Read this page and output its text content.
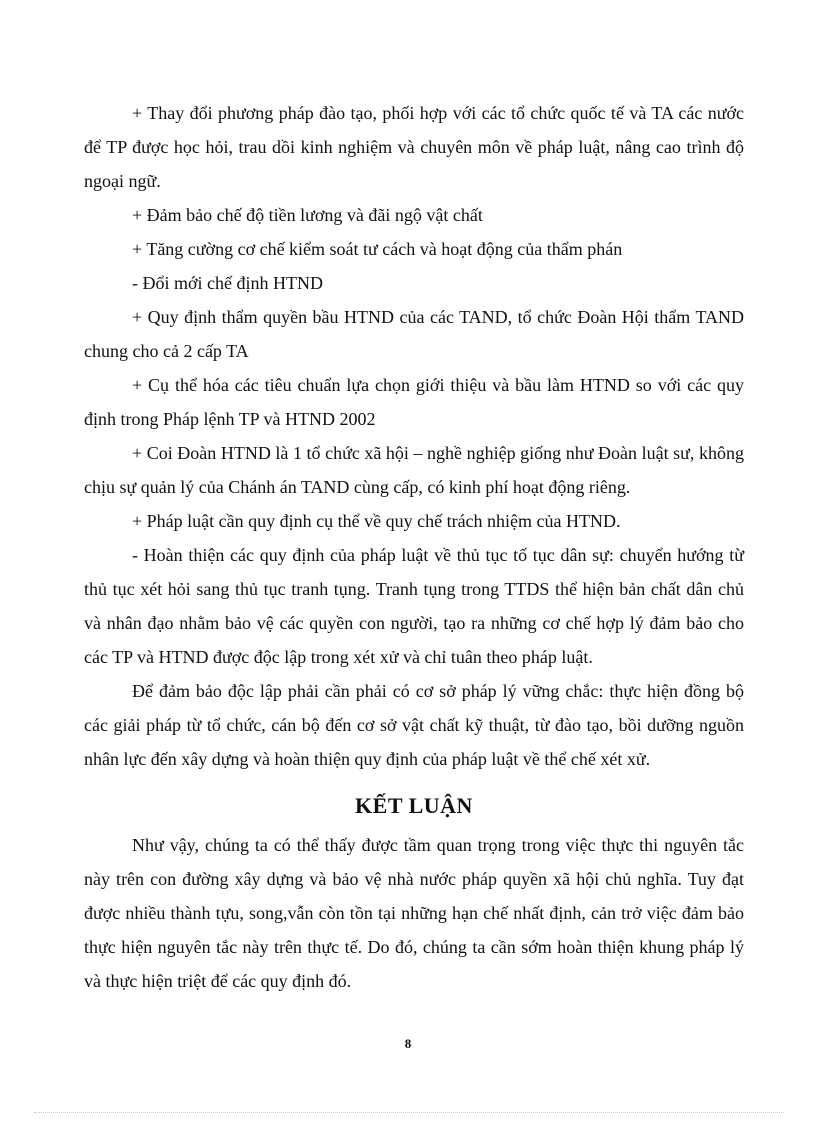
+ Thay đổi phương pháp đào tạo, phối hợp với các tổ chức quốc tế và TA các nước để TP được học hỏi, trau dồi kinh nghiệm và chuyên môn về pháp luật, nâng cao trình độ ngoại ngữ.

+ Đảm bảo chế độ tiền lương và đãi ngộ vật chất

+ Tăng cường cơ chế kiểm soát tư cách và hoạt động của thẩm phán

- Đổi mới chế định HTND

+ Quy định thẩm quyền bầu HTND của các TAND, tổ chức Đoàn Hội thẩm TAND chung cho cả 2 cấp TA

+ Cụ thể hóa các tiêu chuẩn lựa chọn giới thiệu và bầu làm HTND so với các quy định trong Pháp lệnh TP và HTND 2002

+ Coi Đoàn HTND là 1 tổ chức xã hội – nghề nghiệp giống như Đoàn luật sư, không chịu sự quản lý của Chánh án TAND cùng cấp, có kinh phí hoạt động riêng.

+ Pháp luật cần quy định cụ thể về quy chế trách nhiệm của HTND.

- Hoàn thiện các quy định của pháp luật về thủ tục tố tục dân sự: chuyển hướng từ thủ tục xét hỏi sang thủ tục tranh tụng. Tranh tụng trong TTDS thể hiện bản chất dân chủ và nhân đạo nhằm bảo vệ các quyền con người, tạo ra những cơ chế hợp lý đảm bảo cho các TP và HTND được độc lập trong xét xử và chỉ tuân theo pháp luật.

Để đảm bảo độc lập phải cần phải có cơ sở pháp lý vững chắc: thực hiện đồng bộ các giải pháp từ tổ chức, cán bộ đến cơ sở vật chất kỹ thuật, từ đào tạo, bồi dưỡng nguồn nhân lực đến xây dựng và hoàn thiện quy định của pháp luật về thể chế xét xử.

KẾT LUẬN

Như vậy, chúng ta có thể thấy được tầm quan trọng trong việc thực thi nguyên tắc này trên con đường xây dựng và bảo vệ nhà nước pháp quyền xã hội chủ nghĩa. Tuy đạt được nhiều thành tựu, song,vẫn còn tồn tại những hạn chế nhất định, cản trở việc đảm bảo thực hiện nguyên tắc này trên thực tế. Do đó, chúng ta cần sớm hoàn thiện khung pháp lý và thực hiện triệt để các quy định đó.

8
